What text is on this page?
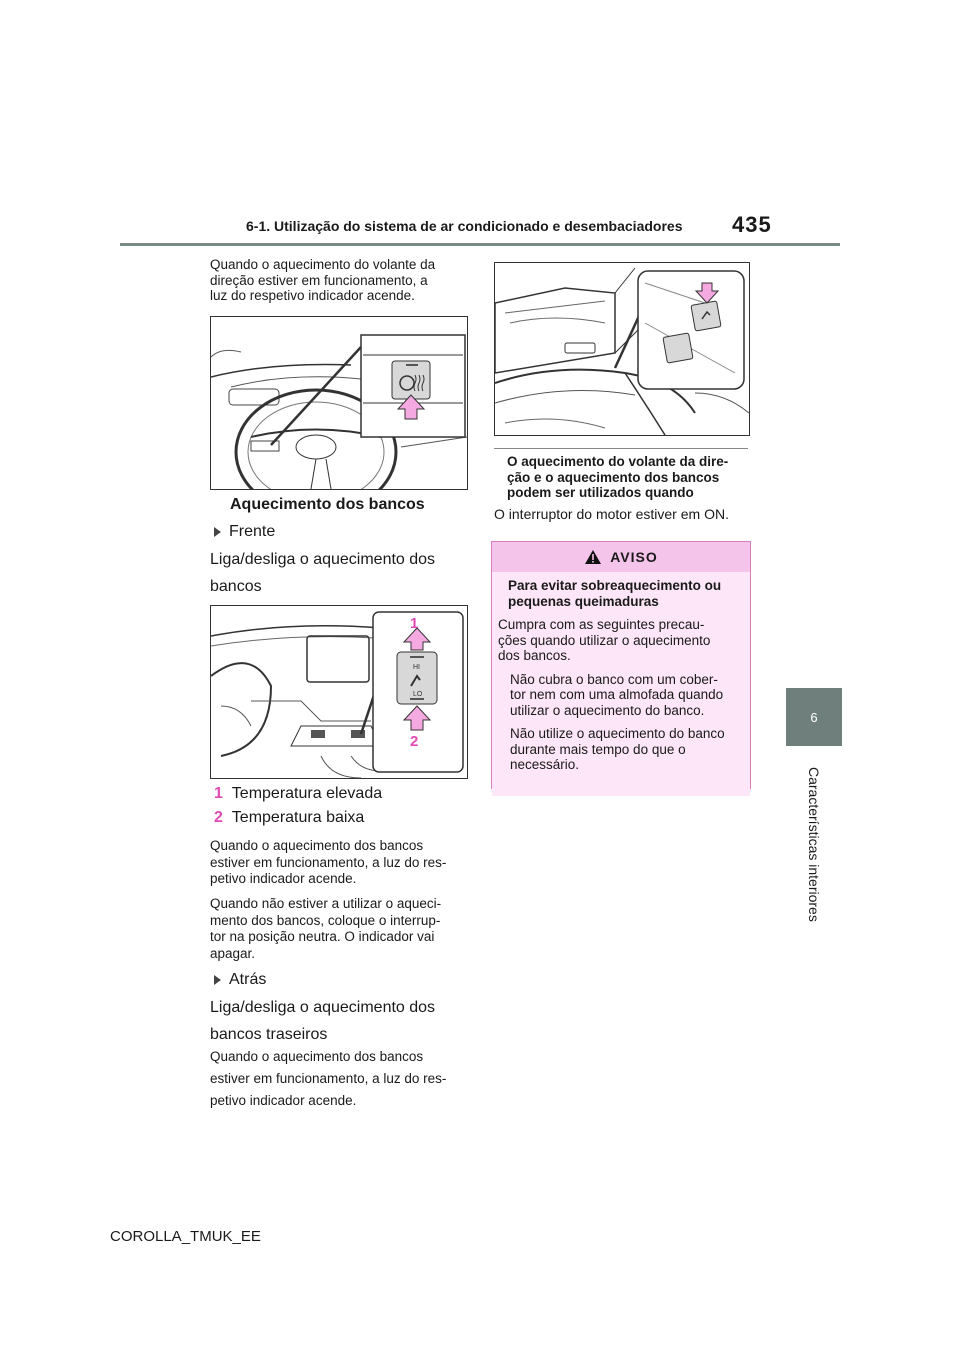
6-1. Utilização do sistema de ar condicionado e desembaciadores 435
6
Características interiores

Quando o aquecimento do volante da

direção estiver em funcionamento, a

luz do respetivo indicador acende.

Aquecimento dos bancos
Frente

Liga/desliga o aquecimento dos

bancos

HI
LO
1
2
1 Temperatura elevada
2 Temperatura baixa

Quando o aquecimento dos bancos

estiver em funcionamento, a luz do res-

petivo indicador acende.

Quando não estiver a utilizar o aqueci-

mento dos bancos, coloque o interrup-

tor na posição neutra. O indicador vai

apagar.

Atrás

Liga/desliga o aquecimento dos

bancos traseiros

Quando o aquecimento dos bancos

estiver em funcionamento, a luz do res-

petivo indicador acende.

O aquecimento do volante da dire-

ção e o aquecimento dos bancos

podem ser utilizados quando

O interruptor do motor estiver em ON.
AVISO

Para evitar sobreaquecimento ou

pequenas queimaduras

Cumpra com as seguintes precau-

ções quando utilizar o aquecimento

dos bancos.

Não cubra o banco com um cober-

tor nem com uma almofada quando

utilizar o aquecimento do banco.

Não utilize o aquecimento do banco

durante mais tempo do que o

necessário.

COROLLA_TMUK_EE
